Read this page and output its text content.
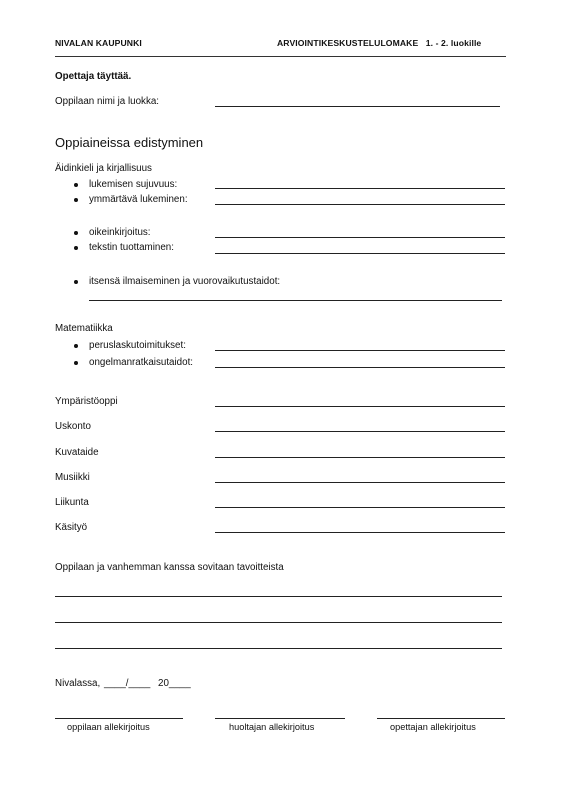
NIVALAN KAUPUNKI	ARVIOINTIKESKUSTELULOMAKE   1. - 2. luokille
Opettaja täyttää.
Oppilaan nimi ja luokka:
Oppiaineissa edistyminen
Äidinkieli ja kirjallisuus
lukemisen sujuvuus:
ymmärtävä lukeminen:
oikeinkirjoitus:
tekstin tuottaminen:
itsensä ilmaiseminen ja vuorovaikutustaidot:
Matematiikka
peruslaskutoimitukset:
ongelmanratkaisutaidot:
Ympäristöoppi
Uskonto
Kuvataide
Musiikki
Liikunta
Käsityö
Oppilaan ja vanhemman kanssa sovitaan tavoitteista
Nivalassa, ____/____ 20____
oppilaan allekirjoitus	huoltajan allekirjoitus	opettajan allekirjoitus
